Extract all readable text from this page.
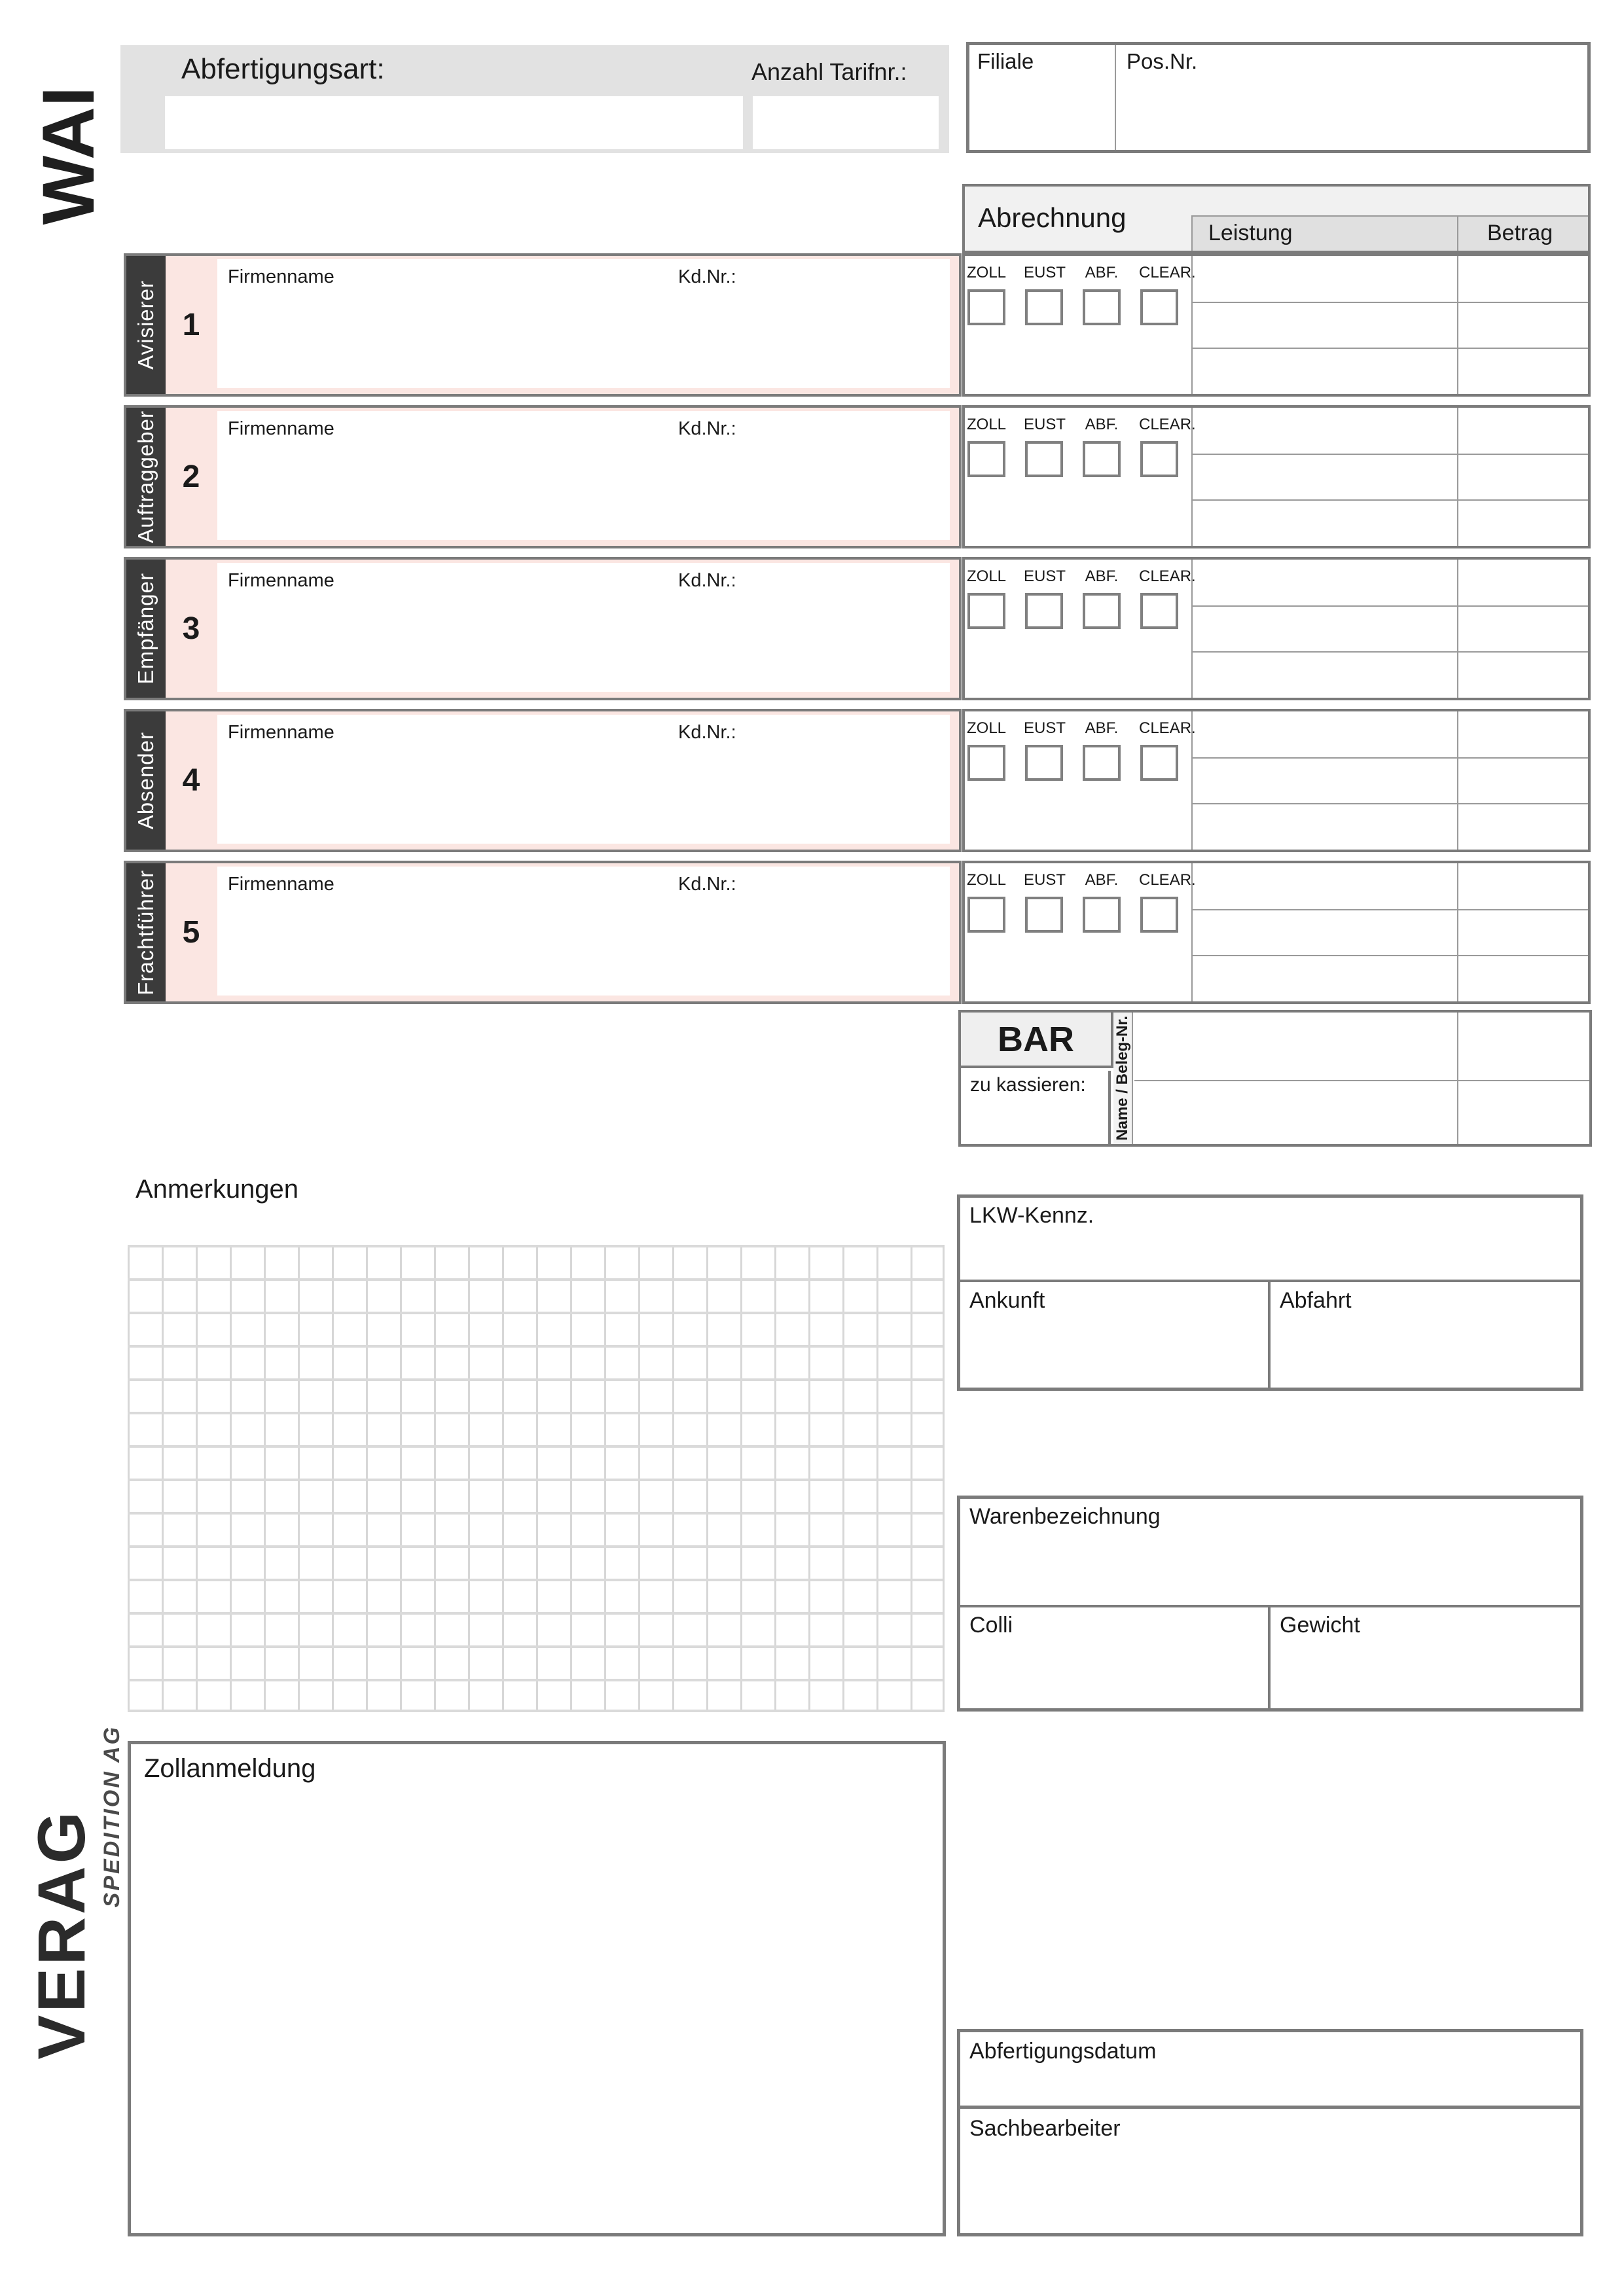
WAI
Abfertigungsart:	Anzahl Tarifnr.:	Filiale	Pos.Nr.
Abrechnung	Leistung	Betrag
Avisierer 1
Firmenname	Kd.Nr.:	ZOLL EUST ABF. CLEAR.
Auftraggeber 2
Firmenname	Kd.Nr.:	ZOLL EUST ABF. CLEAR.
Empfänger 3
Firmenname	Kd.Nr.:	ZOLL EUST ABF. CLEAR.
Absender 4
Firmenname	Kd.Nr.:	ZOLL EUST ABF. CLEAR.
Frachtführer 5
Firmenname	Kd.Nr.:	ZOLL EUST ABF. CLEAR.
BAR
zu kassieren: Name / Beleg-Nr.
Anmerkungen
LKW-Kennz.
Ankunft	Abfahrt
Warenbezeichnung
Colli	Gewicht
Zollanmeldung
VERAG SPEDITION AG
Abfertigungsdatum
Sachbearbeiter
